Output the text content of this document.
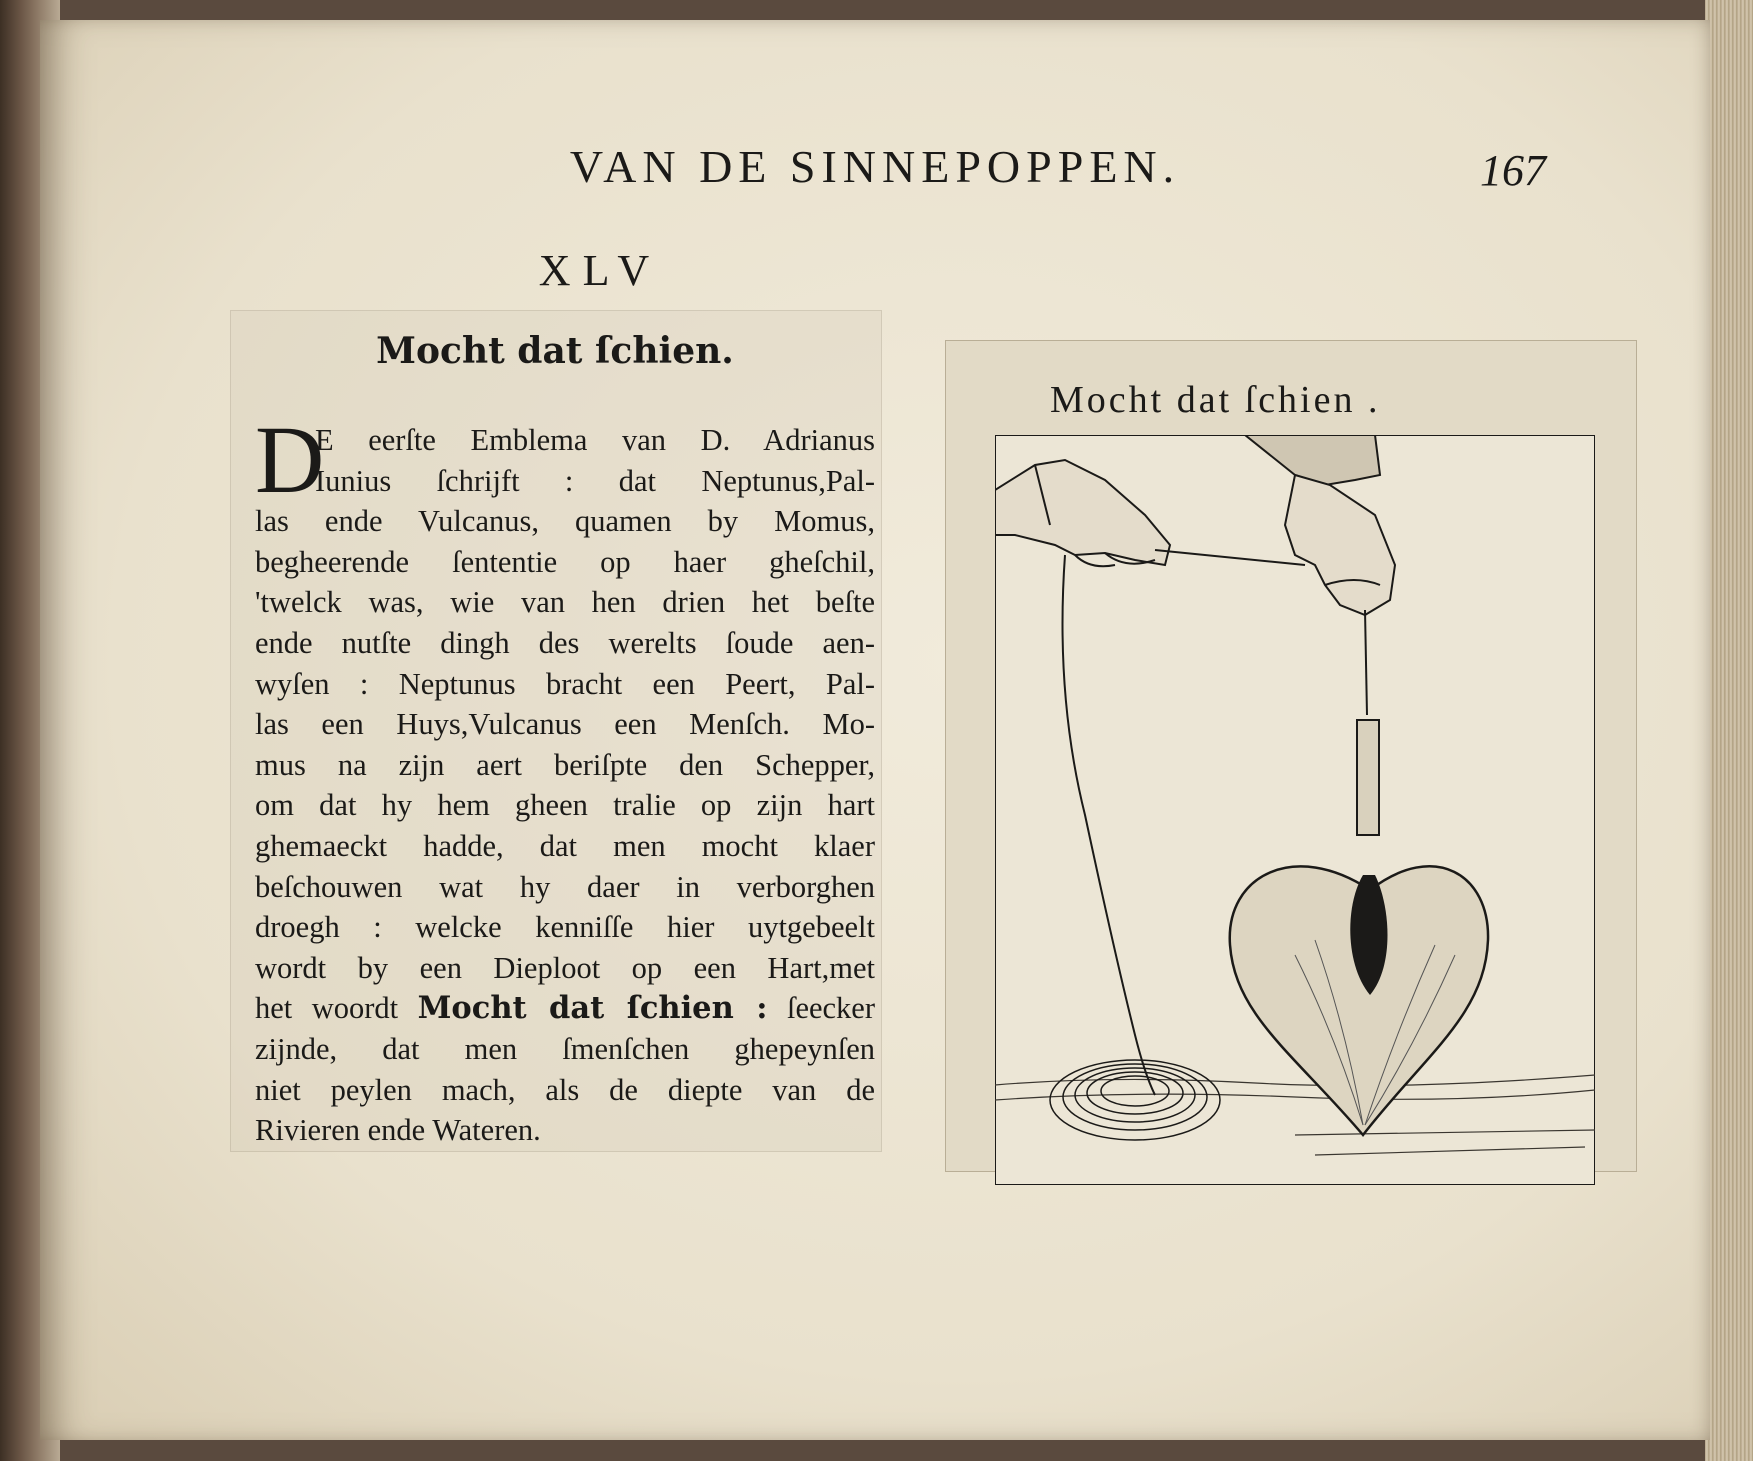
VAN DE SINNEPOPPEN.	167
XLV
Mocht dat ſchien.
D
E eerſte Emblema van D. Adrianus
Iunius ſchrijft : dat Neptunus,Pal-
las ende Vulcanus, quamen by Momus,
begheerende ſententie op haer gheſchil,
'twelck was, wie van hen drien het beſte
ende nutſte dingh des werelts ſoude aen-
wyſen : Neptunus bracht een Peert, Pal-
las een Huys,Vulcanus een Menſch. Mo-
mus na zijn aert beriſpte den Schepper,
om dat hy hem gheen tralie op zijn hart
ghemaeckt hadde, dat men mocht klaer
beſchouwen wat hy daer in verborghen
droegh : welcke kenniſſe hier uytgebeelt
wordt by een Dieploot op een Hart,met
het woordt Mocht dat ſchien : ſeecker
zijnde, dat men ſmenſchen ghepeynſen
niet peylen mach, als de diepte van de
Rivieren ende Wateren.
Mocht dat ſchien .
